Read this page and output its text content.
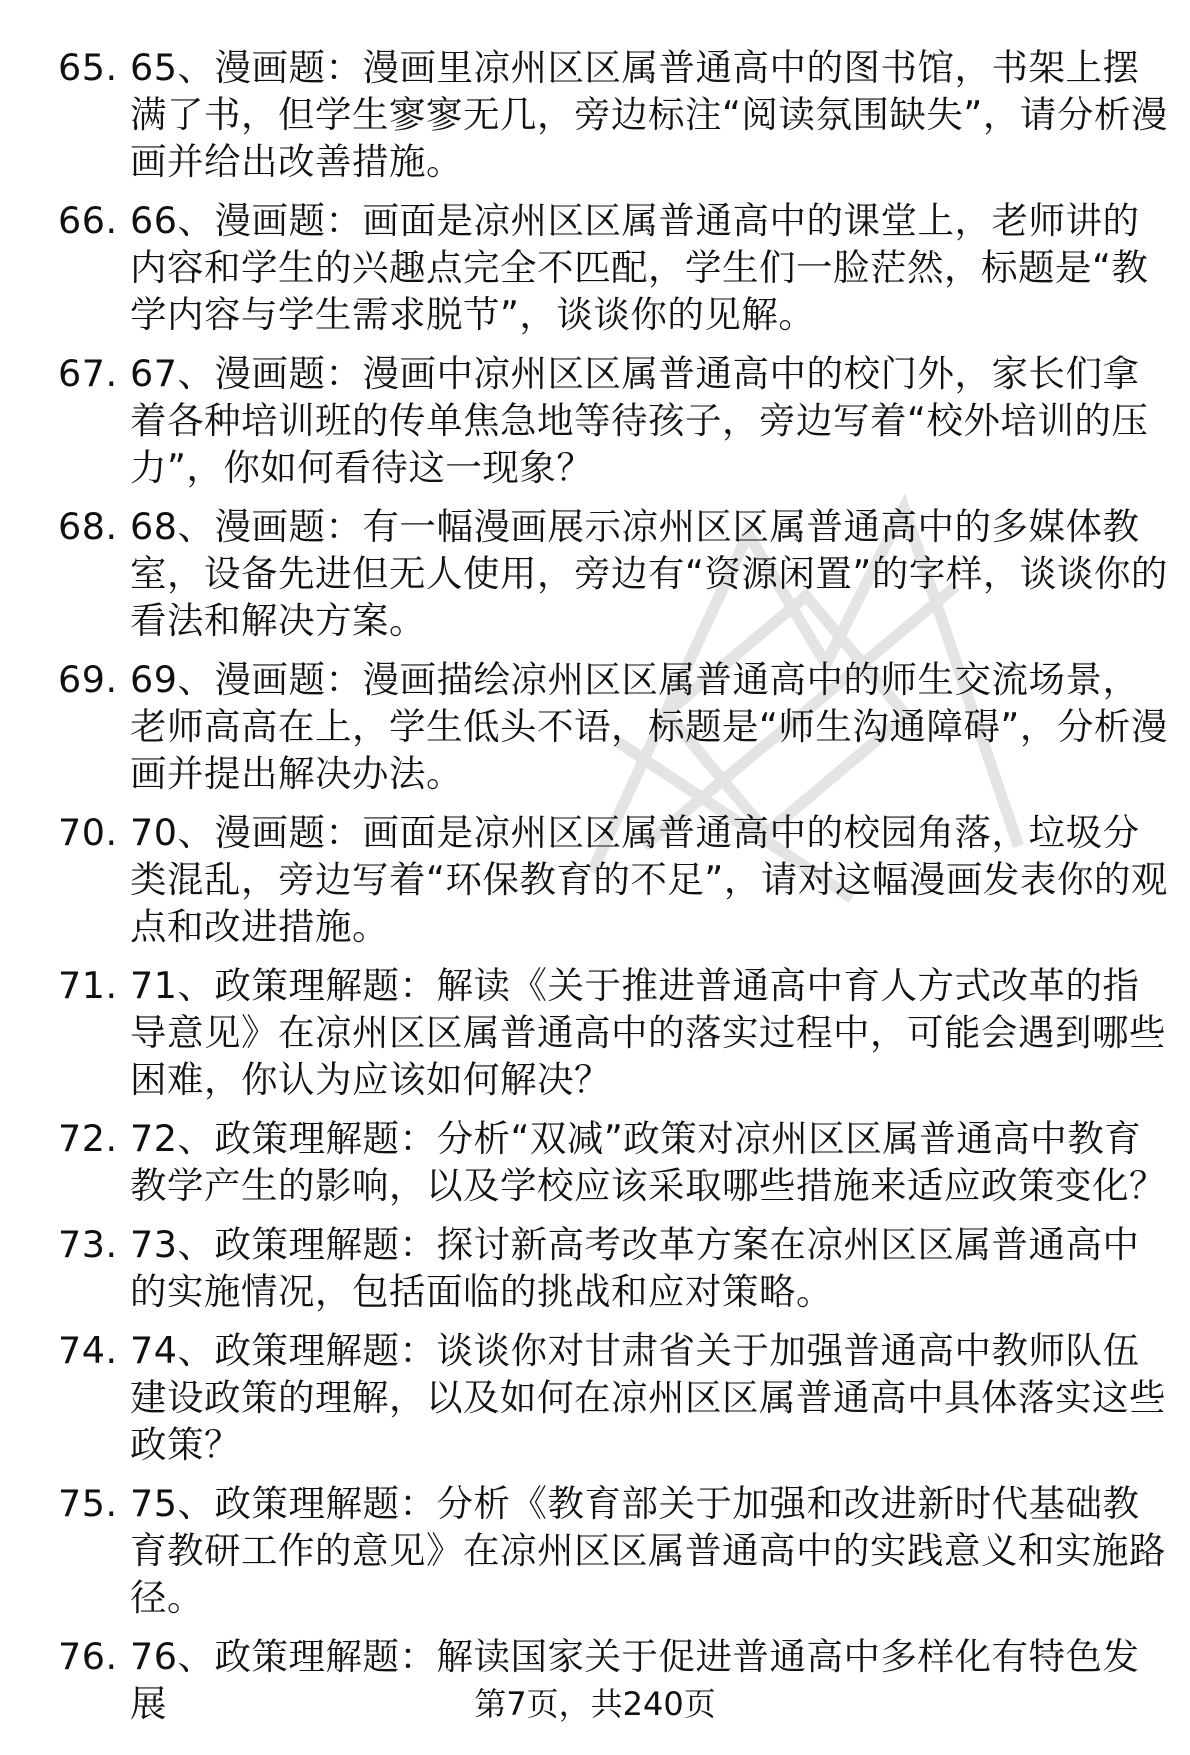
65. 65、漫画题：漫画里凉州区区属普通高中的图书馆，书架上摆满了书，但学生寥寥无几，旁边标注“阅读氛围缺失”，请分析漫画并给出改善措施。
66. 66、漫画题：画面是凉州区区属普通高中的课堂上，老师讲的内容和学生的兴趣点完全不匹配，学生们一脸茫然，标题是“教学内容与学生需求脱节”，谈谈你的见解。
67. 67、漫画题：漫画中凉州区区属普通高中的校门外，家长们拿着各种培训班的传单焦急地等待孩子，旁边写着“校外培训的压力”，你如何看待这一现象？
68. 68、漫画题：有一幅漫画展示凉州区区属普通高中的多媒体教室，设备先进但无人使用，旁边有“资源闲置”的字样，谈谈你的看法和解决方案。
69. 69、漫画题：漫画描绘凉州区区属普通高中的师生交流场景，老师高高在上，学生低头不语，标题是“师生沟通障碍”，分析漫画并提出解决办法。
70. 70、漫画题：画面是凉州区区属普通高中的校园角落，垃圾分类混乱，旁边写着“环保教育的不足”，请对这幅漫画发表你的观点和改进措施。
71. 71、政策理解题：解读《关于推进普通高中育人方式改革的指导意见》在凉州区区属普通高中的落实过程中，可能会遇到哪些困难，你认为应该如何解决？
72. 72、政策理解题：分析“双减”政策对凉州区区属普通高中教育教学产生的影响，以及学校应该采取哪些措施来适应政策变化？
73. 73、政策理解题：探讨新高考改革方案在凉州区区属普通高中的实施情况，包括面临的挑战和应对策略。
74. 74、政策理解题：谈谈你对甘肃省关于加强普通高中教师队伍建设政策的理解，以及如何在凉州区区属普通高中具体落实这些政策？
75. 75、政策理解题：分析《教育部关于加强和改进新时代基础教育教研工作的意见》在凉州区区属普通高中的实践意义和实施路径。
76. 76、政策理解题：解读国家关于促进普通高中多样化有特色发展	第7页，共240页
